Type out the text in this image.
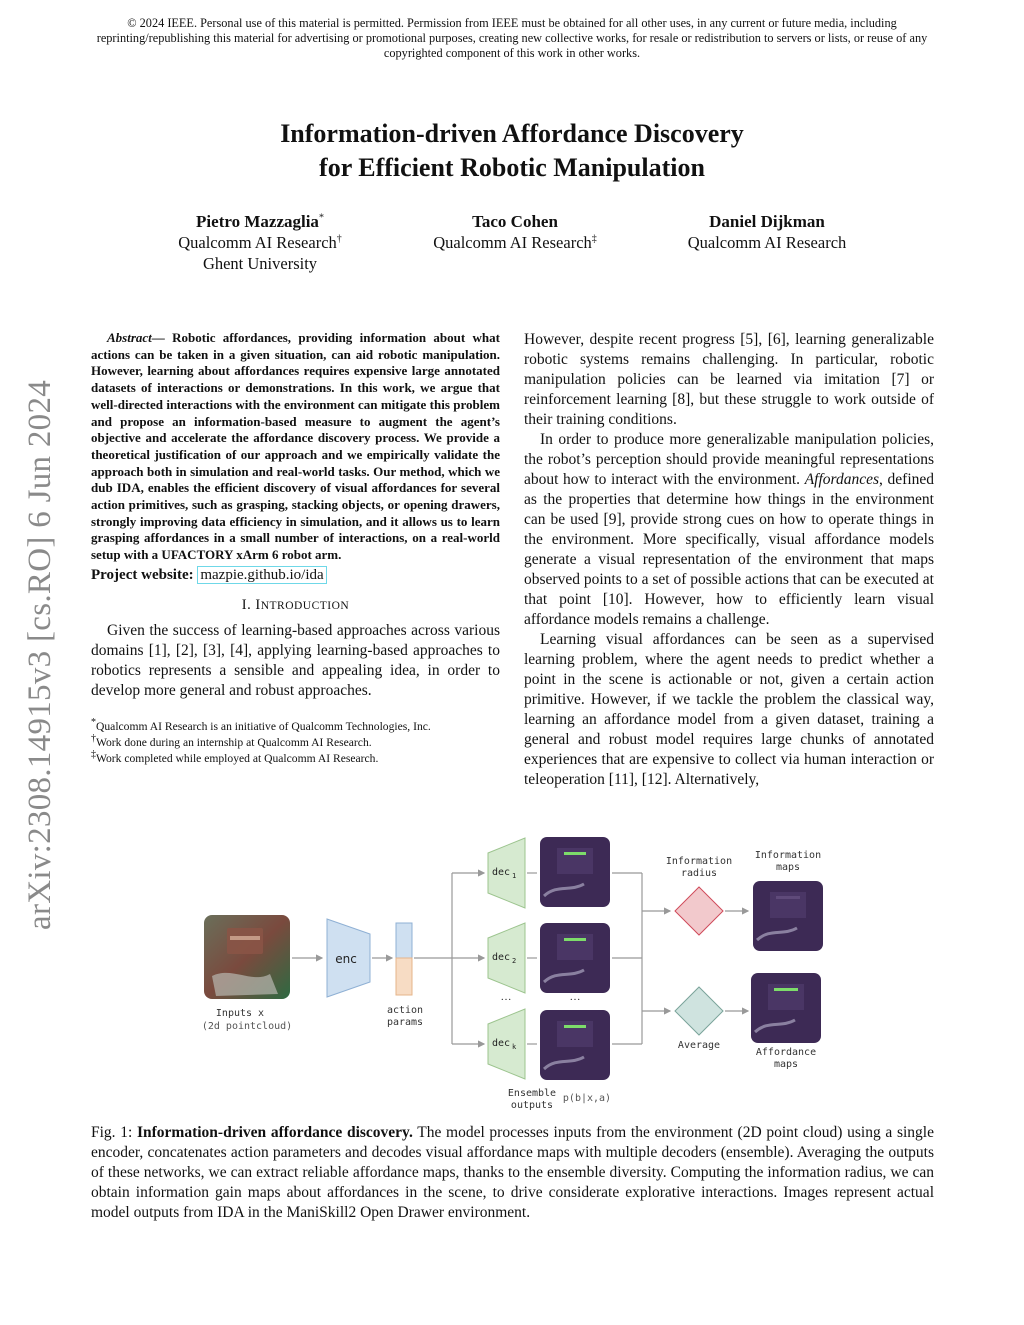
© 2024 IEEE. Personal use of this material is permitted. Permission from IEEE must be obtained for all other uses, in any current or future media, including reprinting/republishing this material for advertising or promotional purposes, creating new collective works, for resale or redistribution to servers or lists, or reuse of any copyrighted component of this work in other works.
arXiv:2308.14915v3 [cs.RO] 6 Jun 2024
Information-driven Affordance Discovery
for Efficient Robotic Manipulation
Pietro Mazzaglia*
Qualcomm AI Research†
Ghent University
Taco Cohen
Qualcomm AI Research‡
Daniel Dijkman
Qualcomm AI Research

Abstract— Robotic affordances, providing information about what actions can be taken in a given situation, can aid robotic manipulation. However, learning about affordances requires expensive large annotated datasets of interactions or demonstrations. In this work, we argue that well-directed interactions with the environment can mitigate this problem and propose an information-based measure to augment the agent’s objective and accelerate the affordance discovery process. We provide a theoretical justification of our approach and we empirically validate the approach both in simulation and real-world tasks. Our method, which we dub IDA, enables the efficient discovery of visual affordances for several action primitives, such as grasping, stacking objects, or opening drawers, strongly improving data efficiency in simulation, and it allows us to learn grasping affordances in a small number of interactions, on a real-world setup with a UFACTORY xArm 6 robot arm.

Project website: mazpie.github.io/ida

I. INTRODUCTION

Given the success of learning-based approaches across various domains [1], [2], [3], [4], applying learning-based approaches to robotics represents a sensible and appealing idea, in order to develop more general and robust approaches.

*Qualcomm AI Research is an initiative of Qualcomm Technologies, Inc.
†Work done during an internship at Qualcomm AI Research.
‡Work completed while employed at Qualcomm AI Research.

However, despite recent progress [5], [6], learning generalizable robotic systems remains challenging. In particular, robotic manipulation policies can be learned via imitation [7] or reinforcement learning [8], but these struggle to work outside of their training conditions.

In order to produce more generalizable manipulation policies, the robot’s perception should provide meaningful representations about how to interact with the environment. Affordances, defined as the properties that determine how things in the environment can be used [9], provide strong cues on how to operate things in the environment. More specifically, visual affordance models generate a visual representation of the environment that maps observed points to a set of possible actions that can be executed at that point [10]. However, how to efficiently learn visual affordance models remains a challenge.

Learning visual affordances can be seen as a supervised learning problem, where the agent needs to predict whether a point in the scene is actionable or not, given a certain action primitive. However, if we tackle the problem the classical way, learning an affordance model from a given dataset, training a general and robust model requires large chunks of annotated experiences that are expensive to collect via human interaction or teleoperation [11], [12]. Alternatively,

Inputs x
(2d pointcloud)
enc
action
params
dec 1
dec 2
dec k
…	…
Ensemble
outputs
p(b|x,a)
Information
radius
Average
Information
maps
Affordance
maps
Fig. 1: Information-driven affordance discovery. The model processes inputs from the environment (2D point cloud) using a single encoder, concatenates action parameters and decodes visual affordance maps with multiple decoders (ensemble). Averaging the outputs of these networks, we can extract reliable affordance maps, thanks to the ensemble diversity. Computing the information radius, we can obtain information gain maps about affordances in the scene, to drive considerate explorative interactions. Images represent actual model outputs from IDA in the ManiSkill2 Open Drawer environment.
